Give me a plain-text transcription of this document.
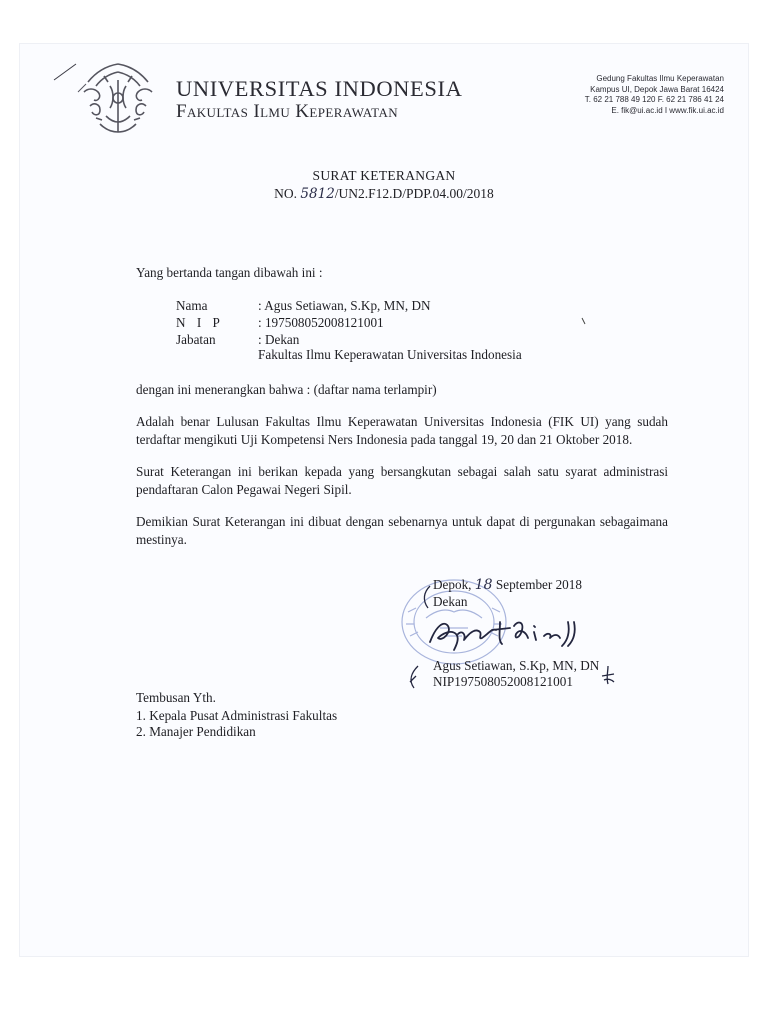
UNIVERSITAS INDONESIA
Fakultas Ilmu Keperawatan
Gedung Fakultas Ilmu Keperawatan
Kampus UI, Depok Jawa Barat 16424
T. 62 21 788 49 120 F. 62 21 786 41 24
E. fik@ui.ac.id I www.fik.ui.ac.id
SURAT KETERANGAN
NO. 5812/UN2.F12.D/PDP.04.00/2018
Yang bertanda tangan dibawah ini :
Nama	: Agus Setiawan, S.Kp, MN, DN
N I P	: 197508052008121001
Jabatan	: Dekan
Fakultas Ilmu Keperawatan Universitas Indonesia
dengan ini menerangkan bahwa : (daftar nama terlampir)
Adalah benar Lulusan Fakultas Ilmu Keperawatan Universitas Indonesia (FIK UI) yang sudah terdaftar mengikuti Uji Kompetensi Ners Indonesia pada tanggal 19, 20 dan 21 Oktober 2018.
Surat Keterangan ini berikan kepada yang bersangkutan sebagai salah satu syarat administrasi pendaftaran Calon Pegawai Negeri Sipil.
Demikian Surat Keterangan ini dibuat dengan sebenarnya untuk dapat di pergunakan sebagaimana mestinya.
Depok, 18 September 2018
Dekan
Agus Setiawan, S.Kp, MN, DN
NIP197508052008121001
Tembusan Yth.
1. Kepala Pusat Administrasi Fakultas
2. Manajer Pendidikan
